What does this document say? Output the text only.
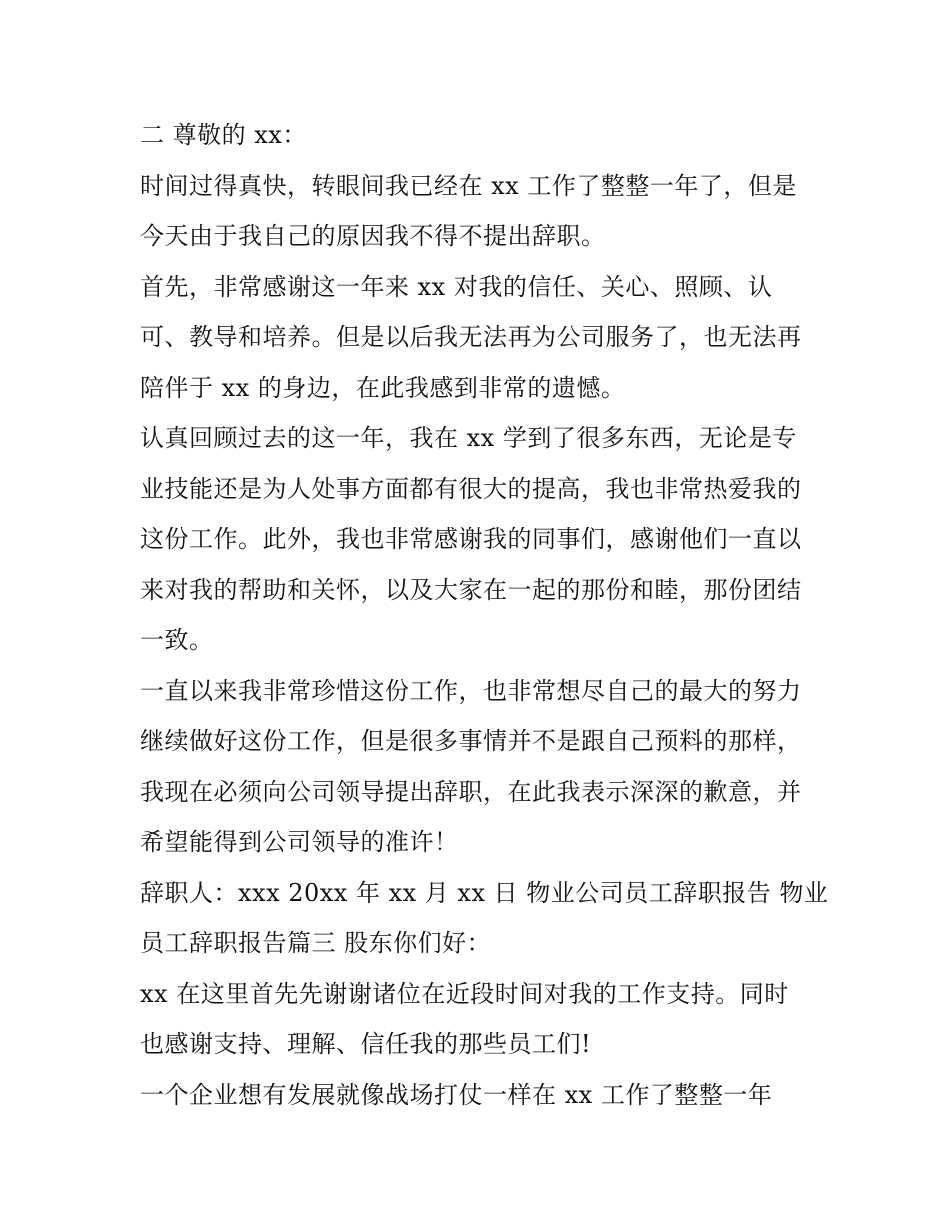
二 尊敬的 xx：
时间过得真快，转眼间我已经在 xx 工作了整整一年了，但是
今天由于我自己的原因我不得不提出辞职。
首先，非常感谢这一年来 xx 对我的信任、关心、照顾、认
可、教导和培养。但是以后我无法再为公司服务了，也无法再
陪伴于 xx 的身边，在此我感到非常的遗憾。
认真回顾过去的这一年，我在 xx 学到了很多东西，无论是专
业技能还是为人处事方面都有很大的提高，我也非常热爱我的
这份工作。此外，我也非常感谢我的同事们，感谢他们一直以
来对我的帮助和关怀，以及大家在一起的那份和睦，那份团结
一致。
一直以来我非常珍惜这份工作，也非常想尽自己的最大的努力
继续做好这份工作，但是很多事情并不是跟自己预料的那样，
我现在必须向公司领导提出辞职，在此我表示深深的歉意，并
希望能得到公司领导的准许！
辞职人：xxx 20xx 年 xx 月 xx 日 物业公司员工辞职报告 物业
员工辞职报告篇三 股东你们好：
xx 在这里首先先谢谢诸位在近段时间对我的工作支持。同时
也感谢支持、理解、信任我的那些员工们!
一个企业想有发展就像战场打仗一样在 xx 工作了整整一年
